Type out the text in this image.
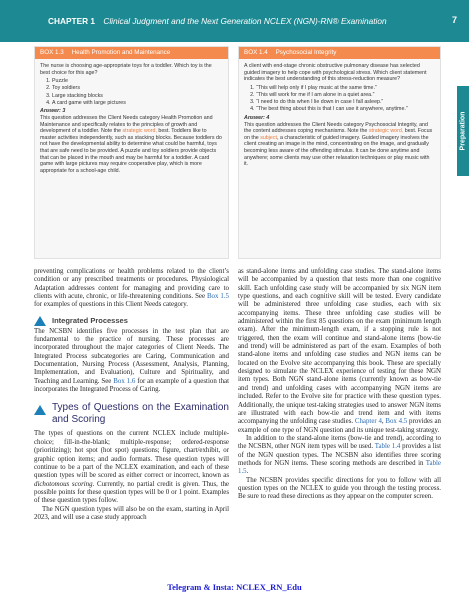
CHAPTER 1 Clinical Judgment and the Next Generation NCLEX (NGN)-RN® Examination	7
Preparation
BOX 1.3 Health Promotion and Maintenance

The nurse is choosing age-appropriate toys for a toddler. Which toy is the best choice for this age?

1. Puzzle
2. Toy soldiers
3. Large stacking blocks
4. A card game with large pictures
Answer: 3

This question addresses the Client Needs category Health Promotion and Maintenance and specifically relates to the principles of growth and development of a toddler. Note the strategic word, best. Toddlers like to master activities independently, such as stacking blocks. Because toddlers do not have the developmental ability to determine what could be harmful, toys that are safe need to be provided. A puzzle and toy soldiers provide objects that can be placed in the mouth and may be harmful for a toddler. A card game with large pictures may require cooperative play, which is more appropriate for a school-age child.

BOX 1.4 Psychosocial Integrity

A client with end-stage chronic obstructive pulmonary disease has selected guided imagery to help cope with psychological stress. Which client statement indicates the best understanding of this stress-reduction measure?

1. “This will help only if I play music at the same time.”
2. “This will work for me if I am alone in a quiet area.”
3. “I need to do this when I lie down in case I fall asleep.”
4. “The best thing about this is that I can use it anywhere, anytime.”
Answer: 4

This question addresses the Client Needs category Psychosocial Integrity, and the content addresses coping mechanisms. Note the strategic word, best. Focus on the subject, a characteristic of guided imagery. Guided imagery involves the client creating an image in the mind, concentrating on the image, and gradually becoming less aware of the offending stimulus. It can be done anytime and anywhere; some clients may use other relaxation techniques or play music with it.

preventing complications or health problems related to the client’s condition or any prescribed treatments or procedures. Physiological Adaptation addresses content for managing and providing care to clients with acute, chronic, or life-threatening conditions. See Box 1.5 for examples of questions in this Client Needs category.

Integrated Processes

The NCSBN identifies five processes in the test plan that are fundamental to the practice of nursing. These processes are incorporated throughout the major categories of Client Needs. The Integrated Process subcategories are Caring, Communication and Documentation, Nursing Process (Assessment, Analysis, Planning, Implementation, and Evaluation), Culture and Spirituality, and Teaching and Learning. See Box 1.6 for an example of a question that incorporates the Integrated Process of Caring.

Types of Questions on the Examination and Scoring

The types of questions on the current NCLEX include multiple-choice; fill-in-the-blank; multiple-response; ordered-response (prioritizing); hot spot (hot spot) questions; figure, chart/exhibit, or graphic option items; and audio formats. These question types will continue to be a part of the NCLEX examination, and each of these question types will be scored as either correct or incorrect, known as dichotomous scoring. Currently, no partial credit is given. Thus, the possible points for these question types will be 0 or 1 point. Examples of these question types follow.

The NGN question types will also be on the exam, starting in April 2023, and will use a case study approach

as stand-alone items and unfolding case studies. The stand-alone items will be accompanied by a question that tests more than one cognitive skill. Each unfolding case study will be accompanied by six NGN item type questions, and each cognitive skill will be tested. Every candidate will be administered three unfolding case studies, each with six accompanying items. These three unfolding case studies will be administered within the first 85 questions on the exam (minimum length exam). After the minimum-length exam, if a stopping rule is not triggered, then the exam will continue and stand-alone items (bow-tie and trend) will be administered as part of the exam. Examples of both stand-alone items and unfolding case studies and NGN items can be located on the Evolve site accompanying this book. These are specially designed to simulate the NCLEX experience of testing for these NGN item types. Both NGN stand-alone items (currently known as bow-tie and trend) and unfolding cases with accompanying NGN items are included. Refer to the Evolve site for practice with these question types. Additionally, the unique test-taking strategies used to answer NGN items are illustrated with each bow-tie and trend item and with items accompanying the unfolding case studies. Chapter 4, Box 4.5 provides an example of one type of NGN question and its unique test-taking strategy.

In addition to the stand-alone items (bow-tie and trend), according to the NCSBN, other NGN item types will be used. Table 1.4 provides a list of the NGN question types. The NCSBN also identifies three scoring methods for NGN items. These scoring methods are described in Table 1.5.

The NCSBN provides specific directions for you to follow with all question types on the NCLEX to guide you through the testing process. Be sure to read these directions as they appear on the computer screen.

Telegram & Insta: NCLEX_RN_Edu
